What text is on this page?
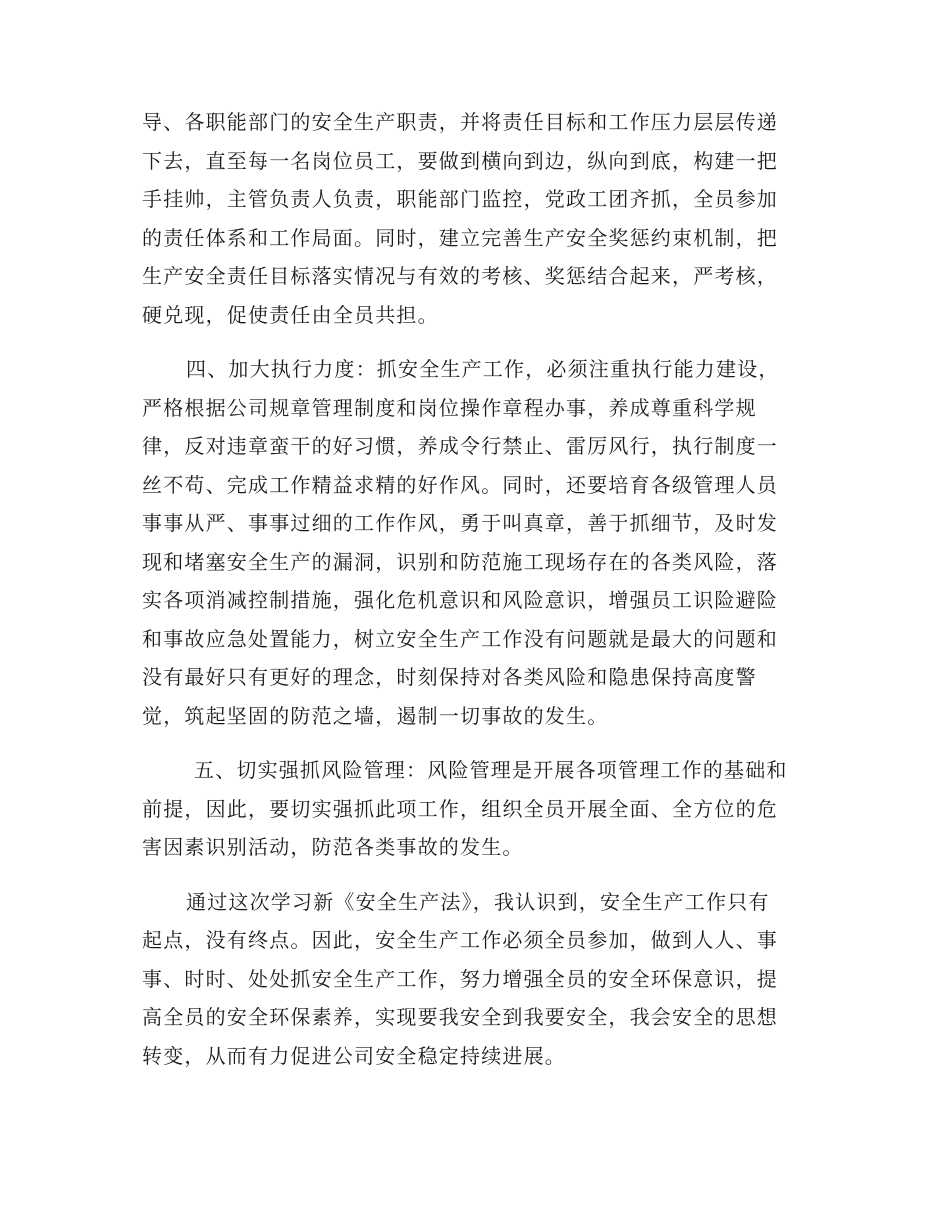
导、各职能部门的安全生产职责，并将责任目标和工作压力层层传递
下去，直至每一名岗位员工，要做到横向到边，纵向到底，构建一把
手挂帅，主管负责人负责，职能部门监控，党政工团齐抓，全员参加
的责任体系和工作局面。同时，建立完善生产安全奖惩约束机制，把
生产安全责任目标落实情况与有效的考核、奖惩结合起来，严考核，
硬兑现，促使责任由全员共担。

四、加大执行力度：抓安全生产工作，必须注重执行能力建设，
严格根据公司规章管理制度和岗位操作章程办事，养成尊重科学规
律，反对违章蛮干的好习惯，养成令行禁止、雷厉风行，执行制度一
丝不苟、完成工作精益求精的好作风。同时，还要培育各级管理人员
事事从严、事事过细的工作作风，勇于叫真章，善于抓细节，及时发
现和堵塞安全生产的漏洞，识别和防范施工现场存在的各类风险，落
实各项消减控制措施，强化危机意识和风险意识，增强员工识险避险
和事故应急处置能力，树立安全生产工作没有问题就是最大的问题和
没有最好只有更好的理念，时刻保持对各类风险和隐患保持高度警
觉，筑起坚固的防范之墙，遏制一切事故的发生。

五、切实强抓风险管理：风险管理是开展各项管理工作的基础和
前提，因此，要切实强抓此项工作，组织全员开展全面、全方位的危
害因素识别活动，防范各类事故的发生。

通过这次学习新《安全生产法》，我认识到，安全生产工作只有
起点，没有终点。因此，安全生产工作必须全员参加，做到人人、事
事、时时、处处抓安全生产工作，努力增强全员的安全环保意识，提
高全员的安全环保素养，实现要我安全到我要安全，我会安全的思想
转变，从而有力促进公司安全稳定持续进展。
